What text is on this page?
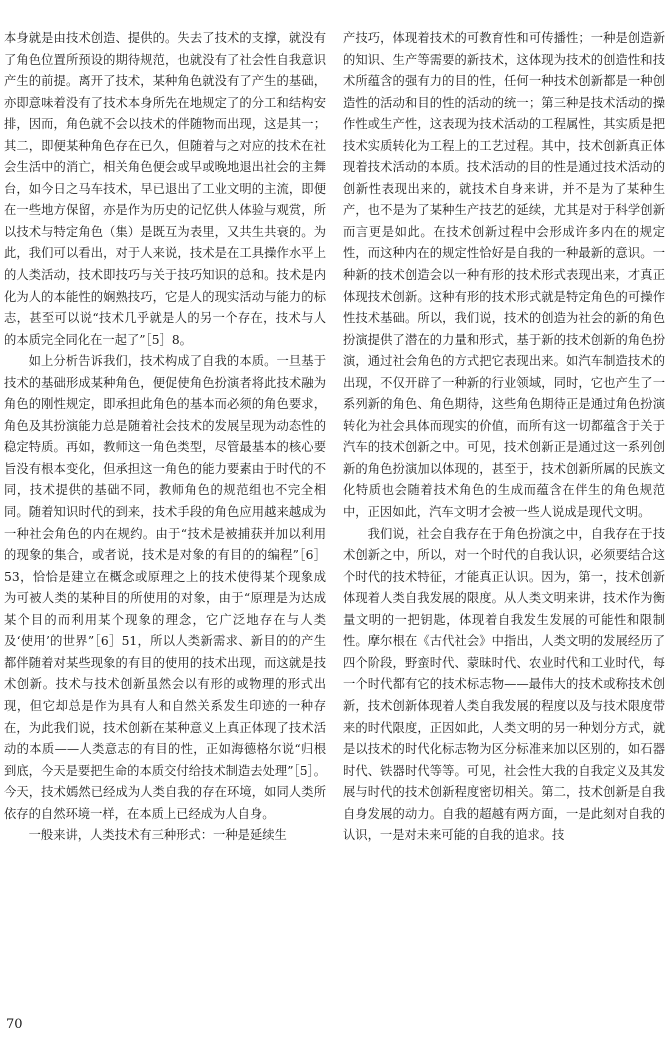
本身就是由技术创造、提供的。失去了技术的支撑，就没有了角色位置所预设的期待规范，也就没有了社会性自我意识产生的前提。离开了技术，某种角色就没有了产生的基础，亦即意味着没有了技术本身所先在地规定了的分工和结构安排，因而，角色就不会以技术的伴随物而出现，这是其一；其二，即便某种角色存在已久，但随着与之对应的技术在社会生活中的消亡，相关角色便会或早或晚地退出社会的主舞台，如今日之马车技术，早已退出了工业文明的主流，即便在一些地方保留，亦是作为历史的记忆供人体验与观赏，所以技术与特定角色（集）是既互为表里，又共生共衰的。为此，我们可以看出，对于人来说，技术是在工具操作水平上的人类活动，技术即技巧与关于技巧知识的总和。技术是内化为人的本能性的娴熟技巧，它是人的现实活动与能力的标志，甚至可以说“技术几乎就是人的另一个存在，技术与人的本质完全同化在一起了”［5］8。

如上分析告诉我们，技术构成了自我的本质。一旦基于技术的基础形成某种角色，便促使角色扮演者将此技术融为角色的刚性规定，即承担此角色的基本而必须的角色要求，角色及其扮演能力总是随着社会技术的发展呈现为动态性的稳定特质。再如，教师这一角色类型，尽管最基本的核心要旨没有根本变化，但承担这一角色的能力要素由于时代的不同，技术提供的基础不同，教师角色的规范组也不完全相同。随着知识时代的到来，技术手段的角色应用越来越成为一种社会角色的内在规约。由于“技术是被捕获并加以利用的现象的集合，或者说，技术是对象的有目的的编程”［6］53，恰恰是建立在概念或原理之上的技术使得某个现象成为可被人类的某种目的所使用的对象，由于“原理是为达成某个目的而利用某个现象的理念，它广泛地存在与人类及‘使用’的世界”［6］51，所以人类新需求、新目的的产生都伴随着对某些现象的有目的使用的技术出现，而这就是技术创新。技术与技术创新虽然会以有形的或物理的形式出现，但它却总是作为具有人和自然关系发生印迹的一种存在，为此我们说，技术创新在某种意义上真正体现了技术活动的本质——人类意志的有目的性，正如海德格尔说“归根到底，今天是要把生命的本质交付给技术制造去处理”［5］。今天，技术嫣然已经成为人类自我的存在环境，如同人类所依存的自然环境一样，在本质上已经成为人自身。

一般来讲，人类技术有三种形式：一种是延续生

产技巧，体现着技术的可教育性和可传播性；一种是创造新的知识、生产等需要的新技术，这体现为技术的创造性和技术所蕴含的强有力的目的性，任何一种技术创新都是一种创造性的活动和目的性的活动的统一；第三种是技术活动的操作性或生产性，这表现为技术活动的工程属性，其实质是把技术实质转化为工程上的工艺过程。其中，技术创新真正体现着技术活动的本质。技术活动的目的性是通过技术活动的创新性表现出来的，就技术自身来讲，并不是为了某种生产，也不是为了某种生产技艺的延续，尤其是对于科学创新而言更是如此。在技术创新过程中会形成许多内在的规定性，而这种内在的规定性恰好是自我的一种最新的意识。一种新的技术创造会以一种有形的技术形式表现出来，才真正体现技术创新。这种有形的技术形式就是特定角色的可操作性技术基础。所以，我们说，技术的创造为社会的新的角色扮演提供了潜在的力量和形式，基于新的技术创新的角色扮演，通过社会角色的方式把它表现出来。如汽车制造技术的出现，不仅开辟了一种新的行业领域，同时，它也产生了一系列新的角色、角色期待，这些角色期待正是通过角色扮演转化为社会具体而现实的价值，而所有这一切都蕴含于关于汽车的技术创新之中。可见，技术创新正是通过这一系列创新的角色扮演加以体现的，甚至于，技术创新所属的民族文化特质也会随着技术角色的生成而蕴含在伴生的角色规范中，正因如此，汽车文明才会被一些人说成是现代文明。

我们说，社会自我存在于角色扮演之中，自我存在于技术创新之中，所以，对一个时代的自我认识，必须要结合这个时代的技术特征，才能真正认识。因为，第一，技术创新体现着人类自我发展的限度。从人类文明来讲，技术作为衡量文明的一把钥匙，体现着自我发生发展的可能性和限制性。摩尔根在《古代社会》中指出，人类文明的发展经历了四个阶段，野蛮时代、蒙昧时代、农业时代和工业时代，每一个时代都有它的技术标志物——最伟大的技术或称技术创新，技术创新体现着人类自我发展的程度以及与技术限度带来的时代限度，正因如此，人类文明的另一种划分方式，就是以技术的时代化标志物为区分标准来加以区别的，如石器时代、铁器时代等等。可见，社会性大我的自我定义及其发展与时代的技术创新程度密切相关。第二，技术创新是自我自身发展的动力。自我的超越有两方面，一是此刻对自我的认识，一是对未来可能的自我的追求。技

70
